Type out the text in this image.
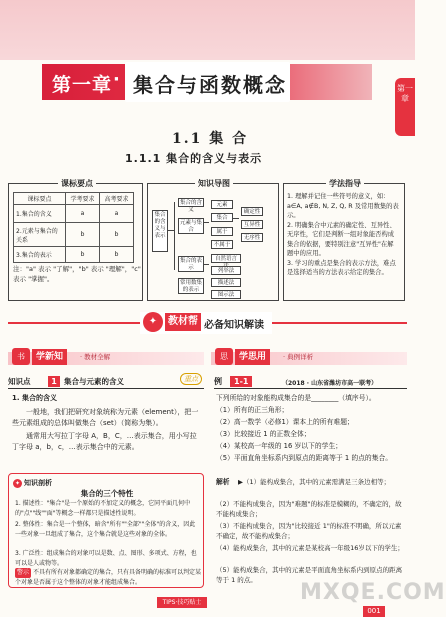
第一章 · 集合与函数概念	第一章
1.1 集 合
1.1.1 集合的含义与表示
课标要点
课标要点	学考要求	高考要求
1.集合的含义	a	a
2.元素与集合的关系	b	b
3.集合的表示	b	b
注："a" 表示 "了解"，"b" 表示 "理解"，"c" 表示 "掌握"。
知识导图
集合的含义与表示
集合的含义
元素与集合
集合的表示
元素
集合
属于
不属于
确定性
互异性
无序性
自然语言
列举法
描述法
常用数集的表示
图示法
学法指导
1. 理解并记住一些符号的意义，如：a∈A, a∉B, N, Z, Q, R 及常用数集的表示。
2. 明确集合中元素的确定性、互异性、无序性，它们是判断一组对象能否构成集合的依据，要特别注意"互异性"在解题中的应用。
3. 学习的重点是集合的表示方法，难点是选择适当的方法表示给定的集合。
✦	教材帮 必备知识解读
书	学新知	· 教材全解
知识点	1 集合与元素的含义	重点
1. 集合的含义
一般地，我们把研究对象统称为元素（element），把一些元素组成的总体叫做集合（set）（简称为集）。
通常用大写拉丁字母 A，B，C，…表示集合，用小写拉丁字母 a，b，c，…表示集合中的元素。
✦ 知识剖析
集合的三个特性
1. 描述性："集合"是一个原始的不加定义的概念，它同平面几何中的"点""线""面"等概念一样都只是描述性说明。
2. 整体性：集合是一个整体，暗含"所有""全部""全体"的含义，因此一些对象一旦组成了集合，这个集合就是这些对象的全体。
3. 广泛性：组成集合的对象可以是数、点、图形、多项式、方程，也可以是人或物等。
警示 不具有所有对象都确定的集合，只有具备明确的标准可以判定某个对象是否属于这个整体的对象才能组成集合。
TIPS·技巧贴士
思	学思用	· 典例详析
例	1-1	（2018 · 山东省潍坊市高一联考）
下列所给的对象能构成集合的是________（填序号）。
（1）所有的正三角形；
（2）高一数学（必修1）课本上的所有难题；
（3）比较接近 1 的正数全体；
（4）某校高一年级的 16 岁以下的学生；
（5）平面直角坐标系内到原点的距离等于 1 的点的集合。
解析 ▶（1）能构成集合，其中的元素需满足三条边相等；
（2）不能构成集合，因为"难题"的标准是模糊的，不确定的，故不能构成集合；
（3）不能构成集合，因为"比较接近 1"的标准不明确，所以元素不确定，故不能构成集合；
（4）能构成集合，其中的元素是某校高一年级16岁以下的学生；
（5）能构成集合，其中的元素是平面直角坐标系内到原点的距离等于 1 的点。	MXQE.COM
001
